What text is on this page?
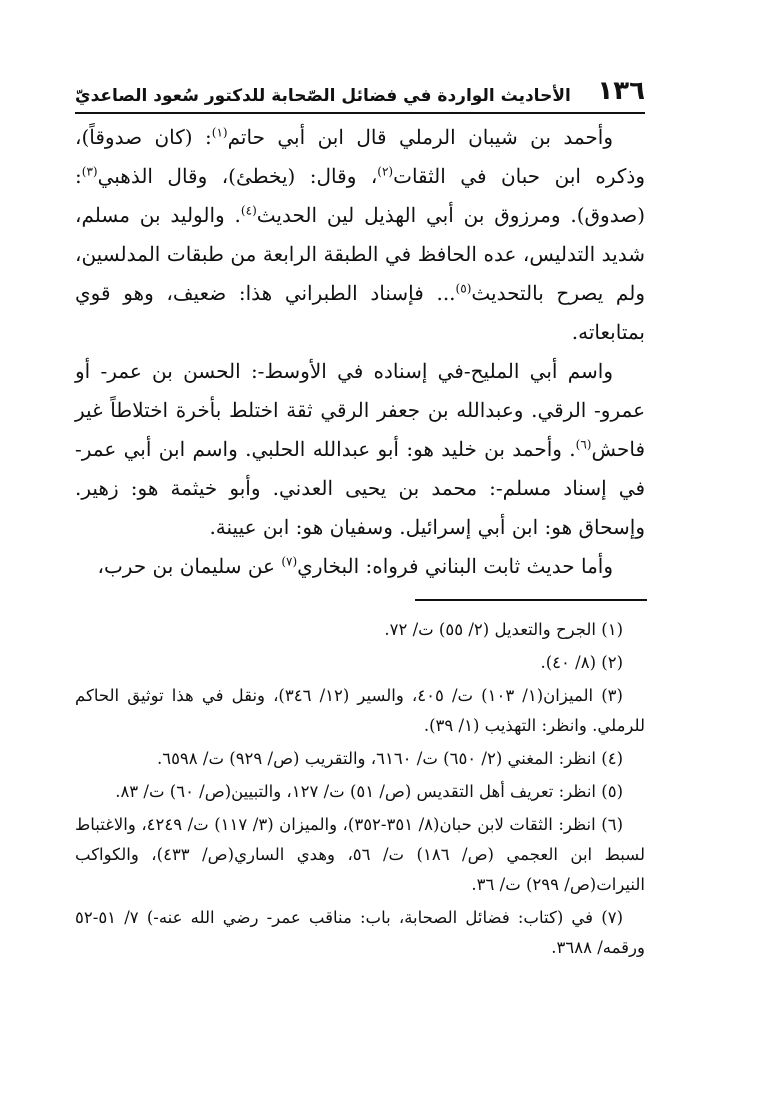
١٣٦
الأحاديث الواردة في فضائل الصّحابة للدكتور سُعود الصاعديّ

وأحمد بن شيبان الرملي قال ابن أبي حاتم$^{(١)}$: (كان صدوقاً)، وذكره ابن حبان في الثقات$^{(٢)}$، وقال: (يخطئ)، وقال الذهبي$^{(٣)}$: (صدوق). ومرزوق بن أبي الهذيل لين الحديث$^{(٤)}$. والوليد بن مسلم، شديد التدليس، عده الحافظ في الطبقة الرابعة من طبقات المدلسين، ولم يصرح بالتحديث$^{(٥)}$... فإسناد الطبراني هذا: ضعيف، وهو قوي بمتابعاته.

واسم أبي المليح-في إسناده في الأوسط-: الحسن بن عمر- أو عمرو- الرقي. وعبدالله بن جعفر الرقي ثقة اختلط بأخرة اختلاطاً غير فاحش$^{(٦)}$. وأحمد بن خليد هو: أبو عبدالله الحلبي. واسم ابن أبي عمر- في إسناد مسلم-: محمد بن يحيى العدني. وأبو خيثمة هو: زهير. وإسحاق هو: ابن أبي إسرائيل. وسفيان هو: ابن عيينة.

وأما حديث ثابت البناني فرواه: البخاري$^{(٧)}$ عن سليمان بن حرب،

(١) الجرح والتعديل (٢/ ٥٥) ت/ ٧٢.

(٢) (٨/ ٤٠).

(٣) الميزان(١/ ١٠٣) ت/ ٤٠٥، والسير (١٢/ ٣٤٦)، ونقل في هذا توثيق الحاكم للرملي. وانظر: التهذيب (١/ ٣٩).

(٤) انظر: المغني (٢/ ٦٥٠) ت/ ٦١٦٠، والتقريب (ص/ ٩٢٩) ت/ ٦٥٩٨.

(٥) انظر: تعريف أهل التقديس (ص/ ٥١) ت/ ١٢٧، والتبيين(ص/ ٦٠) ت/ ٨٣.

(٦) انظر: الثقات لابن حبان(٨/ ٣٥١-٣٥٢)، والميزان (٣/ ١١٧) ت/ ٤٢٤٩، والاغتباط لسبط ابن العجمي (ص/ ١٨٦) ت/ ٥٦، وهدي الساري(ص/ ٤٣٣)، والكواكب النيرات(ص/ ٢٩٩) ت/ ٣٦.

(٧) في (كتاب: فضائل الصحابة، باب: مناقب عمر- رضي الله عنه-) ٧/ ٥١-٥٢ ورقمه/ ٣٦٨٨.
